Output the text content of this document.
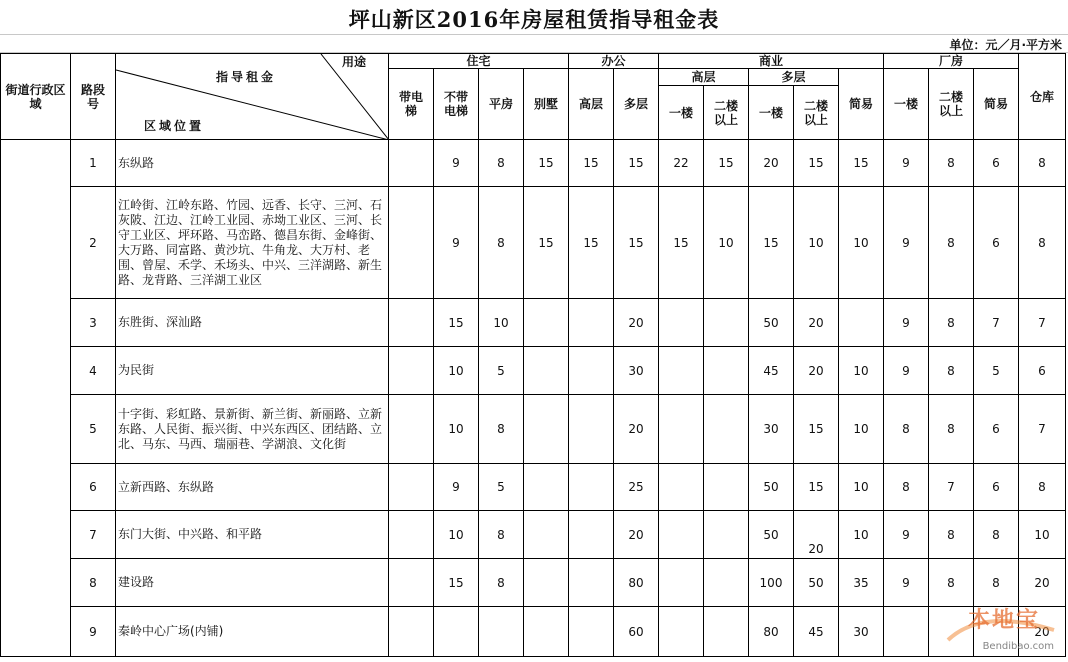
坪山新区2016年房屋租赁指导租金表
单位：元／月·平方米
街道行政区域	路段号	用途
指导租金
区域位置	住宅				办公		商业					厂房			仓库
			带电梯	不带电梯	平房	别墅	高层	多层	高层		多层		简易	一楼	二楼以上	简易	
									一楼	二楼以上	一楼	二楼以上					
	1	东纵路		9	8	15	15	15	22	15	20	15	15	9	8	6	8
	2	江岭街、江岭东路、竹园、远香、长守、三河、石灰陂、江边、江岭工业园、赤坳工业区、三河、长守工业区、坪环路、马峦路、德昌东街、金峰街、大万路、同富路、黄沙坑、牛角龙、大万村、老围、曾屋、禾学、禾场头、中兴、三洋湖路、新生路、龙背路、三洋湖工业区		9	8	15	15	15	15	10	15	10	10	9	8	6	8
	3	东胜街、深汕路		15	10			20			50	20		9	8	7	7
	4	为民街		10	5			30			45	20	10	9	8	5	6
	5	十字街、彩虹路、景新街、新兰街、新丽路、立新东路、人民街、振兴街、中兴东西区、团结路、立北、马东、马西、瑞丽巷、学湖浪、文化街		10	8			20			30	15	10	8	8	6	7
	6	立新西路、东纵路		9	5			25			50	15	10	8	7	6	8
	7	东门大街、中兴路、和平路		10	8			20			50	20	10	9	8	8	10
	8	建设路		15	8			80			100	50	35	9	8	8	20
	9	秦岭中心广场(内铺)						60			80	45	30				20
本地宝
Bendibao.com
